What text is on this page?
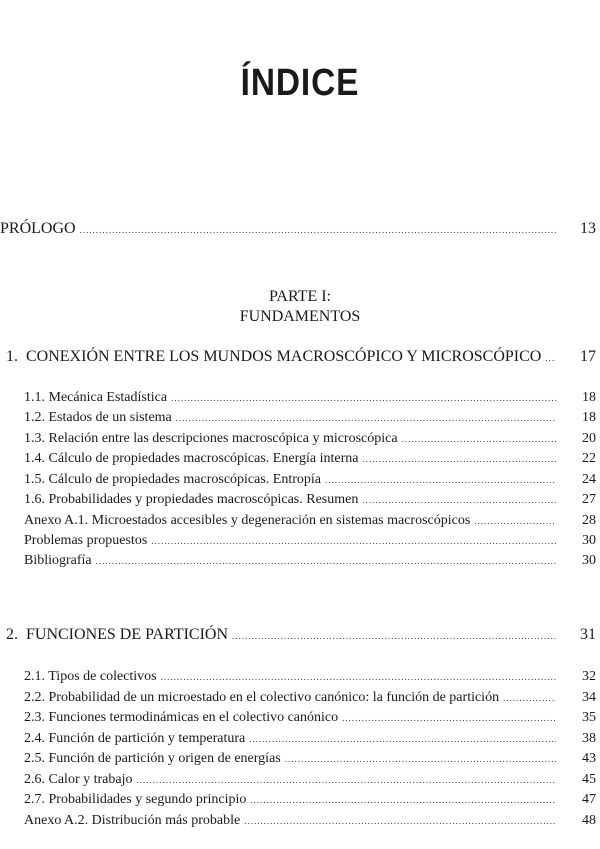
ÍNDICE
PRÓLOGO .....	13
PARTE I:
FUNDAMENTOS
1. CONEXIÓN ENTRE LOS MUNDOS MACROSCÓPICO Y MICROSCÓPICO .....	17
1.1. Mecánica Estadística .....	18
1.2. Estados de un sistema .....	18
1.3. Relación entre las descripciones macroscópica y microscópica .....	20
1.4. Cálculo de propiedades macroscópicas. Energía interna .....	22
1.5. Cálculo de propiedades macroscópicas. Entropía .....	24
1.6. Probabilidades y propiedades macroscópicas. Resumen .....	27
Anexo A.1. Microestados accesibles y degeneración en sistemas macroscópicos .....	28
Problemas propuestos .....	30
Bibliografía .....	30
2. FUNCIONES DE PARTICIÓN .....	31
2.1. Tipos de colectivos .....	32
2.2. Probabilidad de un microestado en el colectivo canónico: la función de partición .....	34
2.3. Funciones termodinámicas en el colectivo canónico .....	35
2.4. Función de partición y temperatura .....	38
2.5. Función de partición y origen de energías .....	43
2.6. Calor y trabajo .....	45
2.7. Probabilidades y segundo principio .....	47
Anexo A.2. Distribución más probable .....	48
